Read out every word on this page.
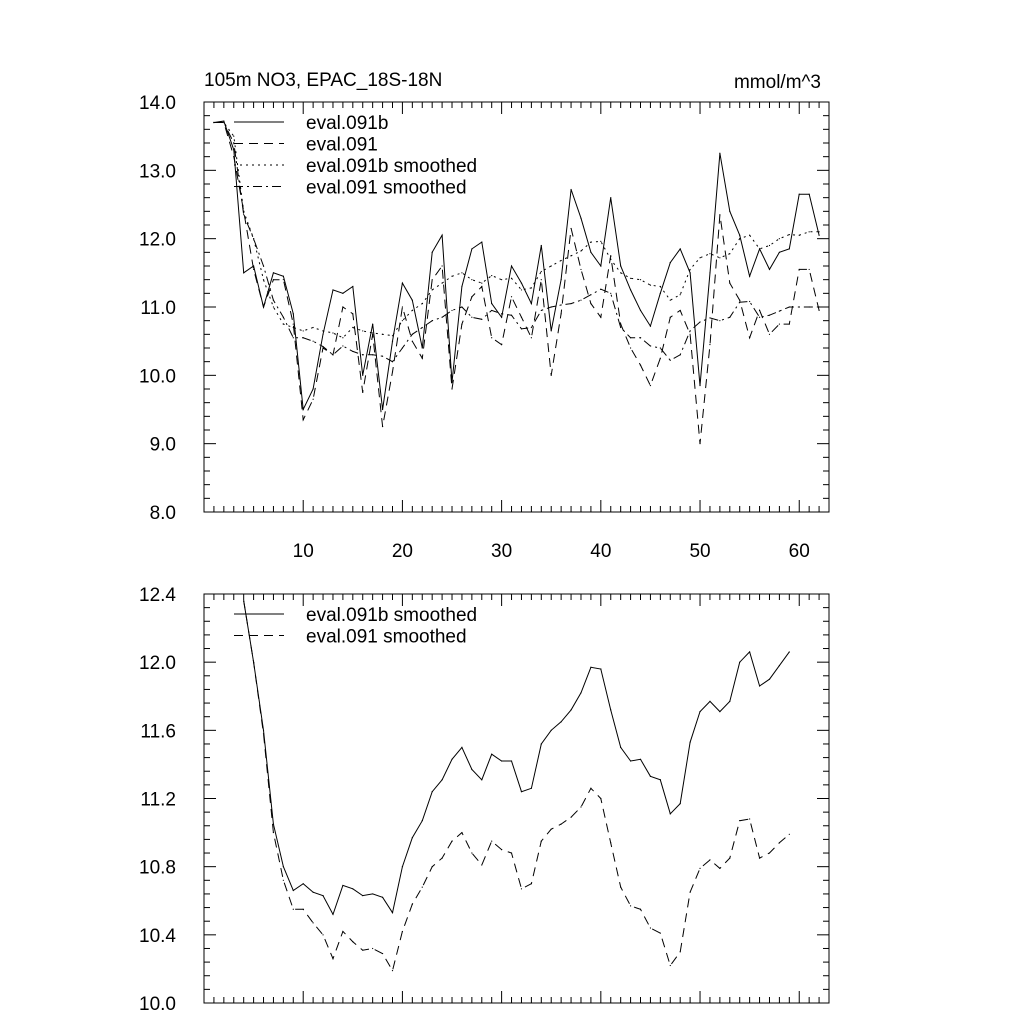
10	20	30	40	50	60
8.0
9.0
10.0
11.0
12.0
13.0
14.0
eval.091b
eval.091
eval.091b smoothed
eval.091 smoothed
105m NO3, EPAC_18S-18N	mmol/m^3
10.0
10.4
10.8
11.2
11.6
12.0
12.4
eval.091b smoothed
eval.091 smoothed
